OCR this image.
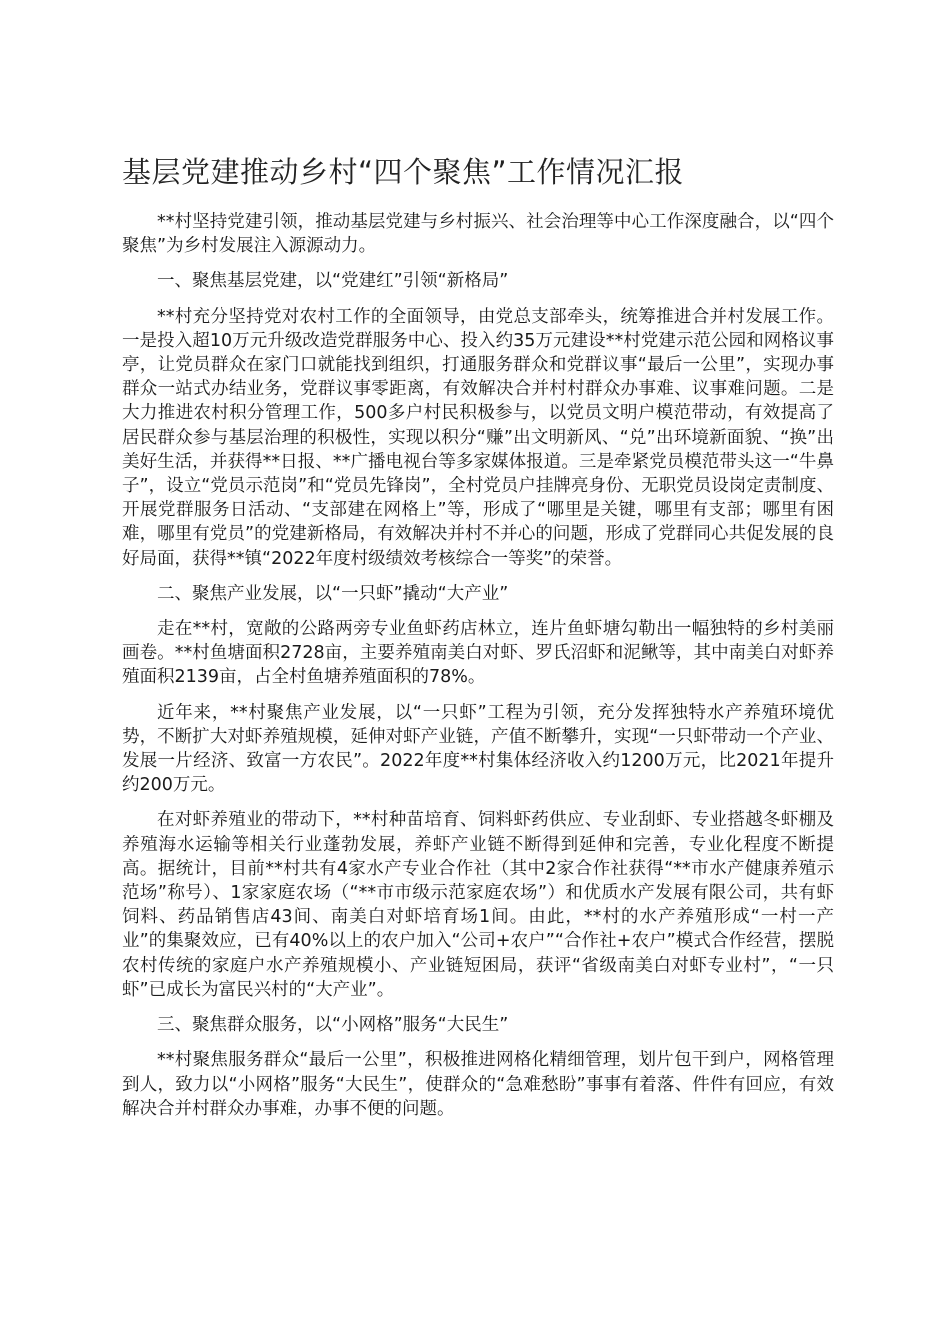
基层党建推动乡村“四个聚焦”工作情况汇报

**村坚持党建引领，推动基层党建与乡村振兴、社会治理等中心工作深度融合，以“四个聚焦”为乡村发展注入源源动力。

一、聚焦基层党建，以“党建红”引领“新格局”

**村充分坚持党对农村工作的全面领导，由党总支部牵头，统筹推进合并村发展工作。一是投入超10万元升级改造党群服务中心、投入约35万元建设**村党建示范公园和网格议事亭，让党员群众在家门口就能找到组织，打通服务群众和党群议事“最后一公里”，实现办事群众一站式办结业务，党群议事零距离，有效解决合并村村群众办事难、议事难问题。二是大力推进农村积分管理工作，500多户村民积极参与，以党员文明户模范带动，有效提高了居民群众参与基层治理的积极性，实现以积分“赚”出文明新风、“兑”出环境新面貌、“换”出美好生活，并获得**日报、**广播电视台等多家媒体报道。三是牵紧党员模范带头这一“牛鼻子”，设立“党员示范岗”和“党员先锋岗”，全村党员户挂牌亮身份、无职党员设岗定责制度、开展党群服务日活动、“支部建在网格上”等，形成了“哪里是关键，哪里有支部；哪里有困难，哪里有党员”的党建新格局，有效解决并村不并心的问题，形成了党群同心共促发展的良好局面，获得**镇“2022年度村级绩效考核综合一等奖”的荣誉。

二、聚焦产业发展，以“一只虾”撬动“大产业”

走在**村，宽敞的公路两旁专业鱼虾药店林立，连片鱼虾塘勾勒出一幅独特的乡村美丽画卷。**村鱼塘面积2728亩，主要养殖南美白对虾、罗氏沼虾和泥鳅等，其中南美白对虾养殖面积2139亩，占全村鱼塘养殖面积的78%。

近年来，**村聚焦产业发展，以“一只虾”工程为引领，充分发挥独特水产养殖环境优势，不断扩大对虾养殖规模，延伸对虾产业链，产值不断攀升，实现“一只虾带动一个产业、发展一片经济、致富一方农民”。2022年度**村集体经济收入约1200万元，比2021年提升约200万元。

在对虾养殖业的带动下，**村种苗培育、饲料虾药供应、专业刮虾、专业搭越冬虾棚及养殖海水运输等相关行业蓬勃发展，养虾产业链不断得到延伸和完善，专业化程度不断提高。据统计，目前**村共有4家水产专业合作社（其中2家合作社获得“**市水产健康养殖示范场”称号）、1家家庭农场（“**市市级示范家庭农场”）和优质水产发展有限公司，共有虾饲料、药品销售店43间、南美白对虾培育场1间。由此，**村的水产养殖形成“一村一产业”的集聚效应，已有40%以上的农户加入“公司+农户”“合作社+农户”模式合作经营，摆脱农村传统的家庭户水产养殖规模小、产业链短困局，获评“省级南美白对虾专业村”，“一只虾”已成长为富民兴村的“大产业”。

三、聚焦群众服务，以“小网格”服务“大民生”

**村聚焦服务群众“最后一公里”，积极推进网格化精细管理，划片包干到户，网格管理到人，致力以“小网格”服务“大民生”，使群众的“急难愁盼”事事有着落、件件有回应，有效解决合并村群众办事难，办事不便的问题。
